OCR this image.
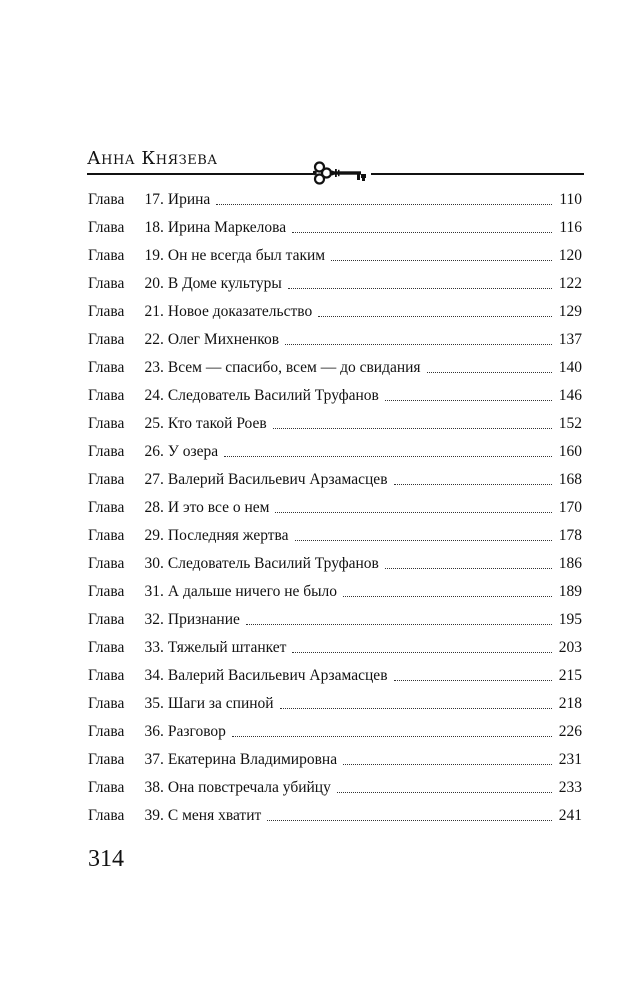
Анна Князева
Глава	17 . Ирина	110
Глава	18 . Ирина Маркелова	116
Глава	19 . Он не всегда был таким	120
Глава	20 . В Доме культуры	122
Глава	21 . Новое доказательство	129
Глава	22 . Олег Михненков	137
Глава	23 . Всем — спасибо, всем — до свидания	140
Глава	24 . Следователь Василий Труфанов	146
Глава	25 . Кто такой Роев	152
Глава	26 . У озера	160
Глава	27 . Валерий Васильевич Арзамасцев	168
Глава	28 . И это все о нем	170
Глава	29 . Последняя жертва	178
Глава	30 . Следователь Василий Труфанов	186
Глава	31 . А дальше ничего не было	189
Глава	32 . Признание	195
Глава	33 . Тяжелый штанкет	203
Глава	34 . Валерий Васильевич Арзамасцев	215
Глава	35 . Шаги за спиной	218
Глава	36 . Разговор	226
Глава	37 . Екатерина Владимировна	231
Глава	38 . Она повстречала убийцу	233
Глава	39 . С меня хватит	241
314
